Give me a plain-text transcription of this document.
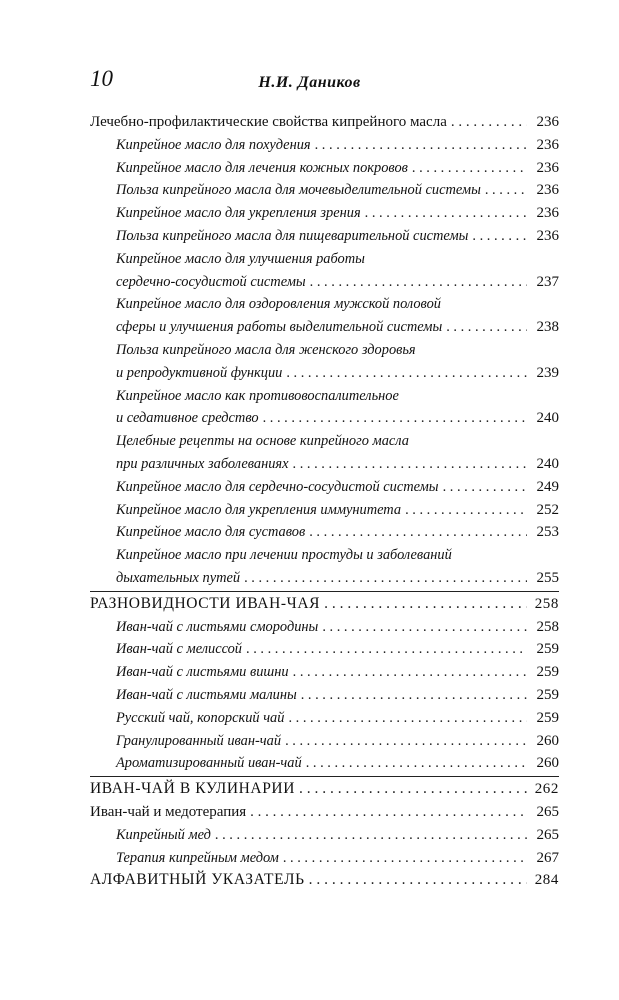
10	Н.И. Даников
Лечебно-профилактические свойства кипрейного масла . . .	236
Кипрейное масло для похудения . . .	236
Кипрейное масло для лечения кожных покровов . . .	236
Польза кипрейного масла для мочевыделительной системы . . .	236
Кипрейное масло для укрепления зрения . . .	236
Польза кипрейного масла для пищеварительной системы . . .	236
Кипрейное масло для улучшения работы
сердечно-сосудистой системы . . .	237
Кипрейное масло для оздоровления мужской половой
сферы и улучшения работы выделительной системы . . .	238
Польза кипрейного масла для женского здоровья
и репродуктивной функции . . .	239
Кипрейное масло как противовоспалительное
и седативное средство . . .	240
Целебные рецепты на основе кипрейного масла
при различных заболеваниях . . .	240
Кипрейное масло для сердечно-сосудистой системы . . .	249
Кипрейное масло для укрепления иммунитета . . .	252
Кипрейное масло для суставов . . .	253
Кипрейное масло при лечении простуды и заболеваний
дыхательных путей . . .	255
РАЗНОВИДНОСТИ ИВАН-ЧАЯ . . .	258
Иван-чай с листьями смородины . . .	258
Иван-чай с мелиссой . . .	259
Иван-чай с листьями вишни . . .	259
Иван-чай с листьями малины . . .	259
Русский чай, копорский чай . . .	259
Гранулированный иван-чай . . .	260
Ароматизированный иван-чай . . .	260
ИВАН-ЧАЙ В КУЛИНАРИИ . . .	262
Иван-чай и медотерапия . . .	265
Кипрейный мед . . .	265
Терапия кипрейным медом . . .	267
АЛФАВИТНЫЙ УКАЗАТЕЛЬ . . .	284
